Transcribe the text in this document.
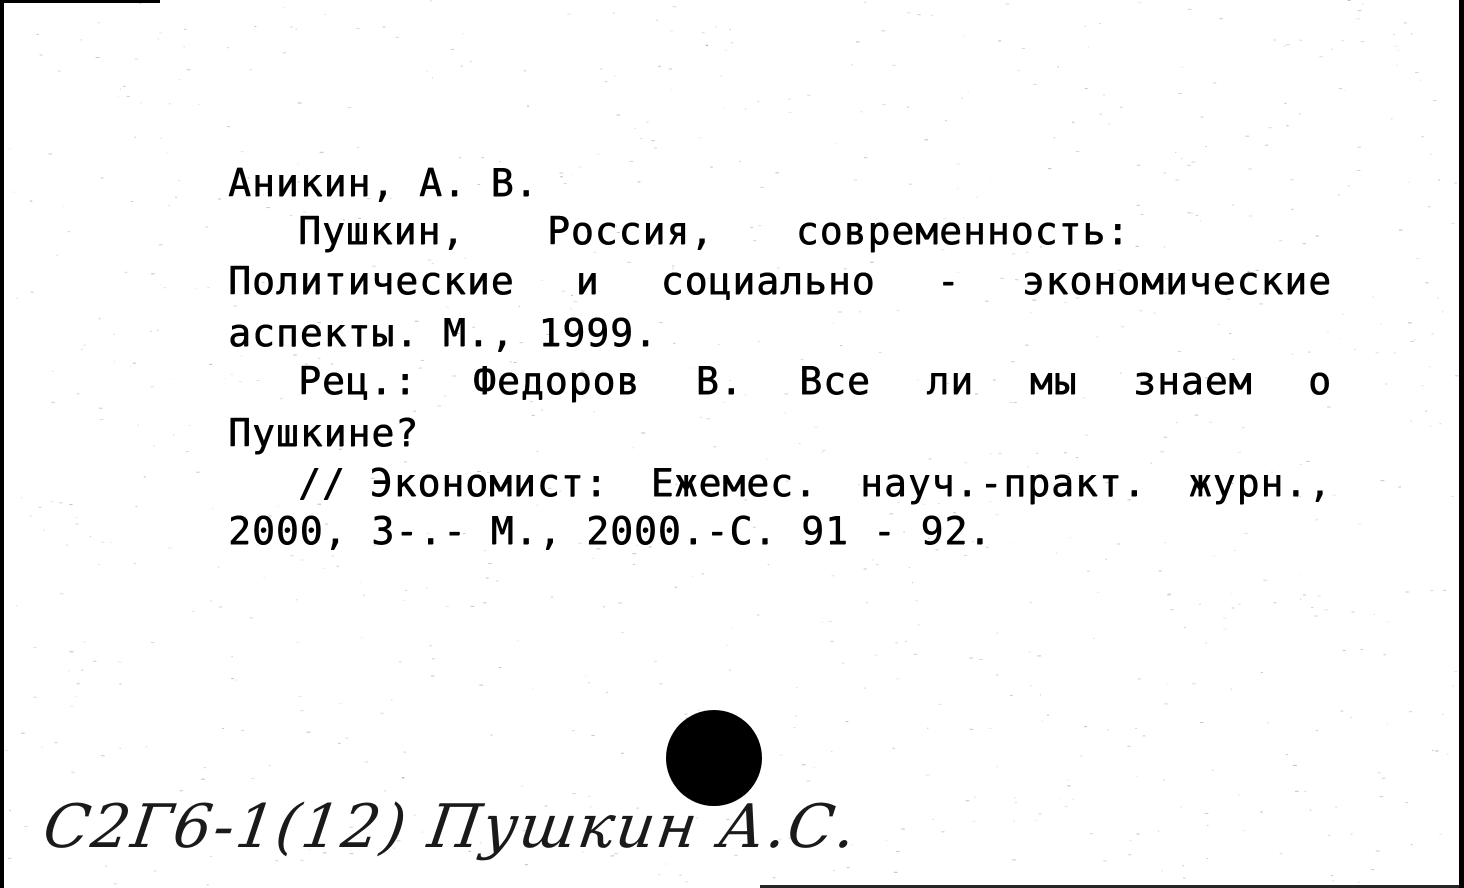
Аникин, А. В.
Пушкин, Россия, современность:
Политические и социально - экономические
аспекты. М., 1999.
Рец.: Федоров В. Все ли мы знаем о
Пушкине?
// Экономист: Ежемес. науч.-практ. журн.,
2000, 3-.- М., 2000.-С. 91 - 92.
С2Г6-1(12) Пушкин А.С.
